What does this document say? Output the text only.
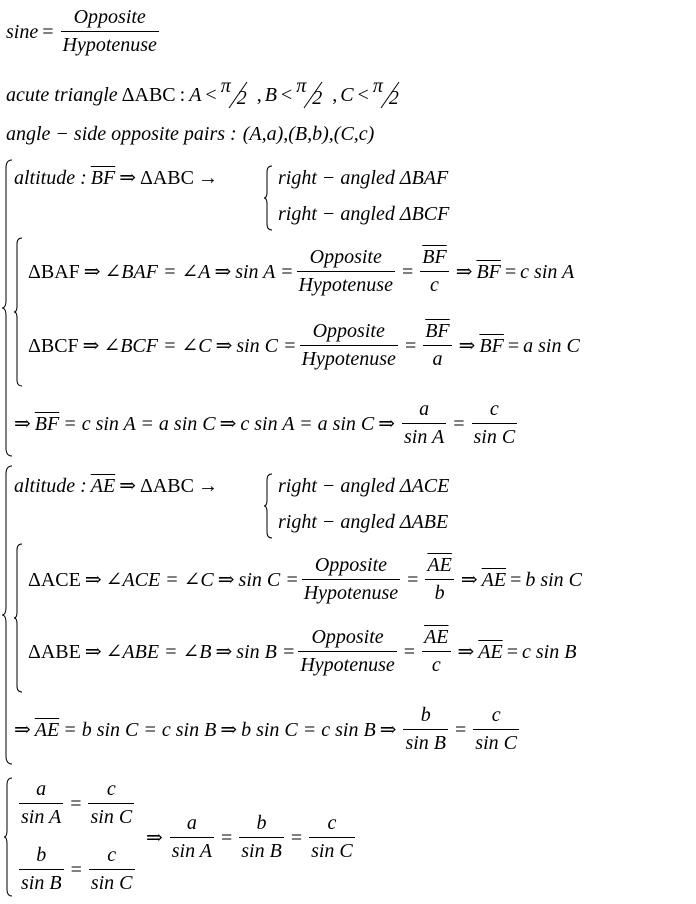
$\sin e = \frac{\text{Opposite}}{\text{Hypotenuse}}$
acute triangle ΔABC : A < π
2 , B < π
2 , C < π
2
angle − side opposite pairs : (A,a),(B,b),(C,c)
altitude : $\overline{BF}$ ⇒ ΔABC →	right − angled ΔBAF
right − angled ΔBCF
ΔBAF ⇒ ∠BAF = ∠A ⇒ $\sin A = \frac{\text{Opposite}}{\text{Hypotenuse}} = \frac{\overline{BF}}{c}$ ⇒ $\overline{BF} = c$ sin A
ΔBCF ⇒ ∠BCF = ∠C ⇒ $\sin C = \frac{\text{Opposite}}{\text{Hypotenuse}} = \frac{\overline{BF}}{a}$ ⇒ $\overline{BF} = a$ sin C
⇒ $\overline{BF} = c$ sin A = a sin C ⇒ c sin A = a sin C ⇒ $\frac{a}{\text{sin A}} = \frac{c}{\text{sin C}}$
altitude : $\overline{AE}$ ⇒ ΔABC →	right − angled ΔACE
right − angled ΔABE
ΔACE ⇒ ∠ACE = ∠C ⇒ $\sin C = \frac{\text{Opposite}}{\text{Hypotenuse}} = \frac{\overline{AE}}{b}$ ⇒ $\overline{AE} = b$ sin C
ΔABE ⇒ ∠ABE = ∠B ⇒ $\sin B = \frac{\text{Opposite}}{\text{Hypotenuse}} = \frac{\overline{AE}}{c}$ ⇒ $\overline{AE} = c$ sin B
⇒ $\overline{AE} = b$ sin C = c sin B ⇒ b sin C = c sin B ⇒ $\frac{b}{\text{sin B}} = \frac{c}{\text{sin C}}$
$\frac{a}{\text{sin A}} = \frac{c}{\text{sin C}}$
$\frac{b}{\text{sin B}} = \frac{c}{\text{sin C}}$
⇒ $\frac{a}{\text{sin A}} = \frac{b}{\text{sin B}} = \frac{c}{\text{sin C}}$
